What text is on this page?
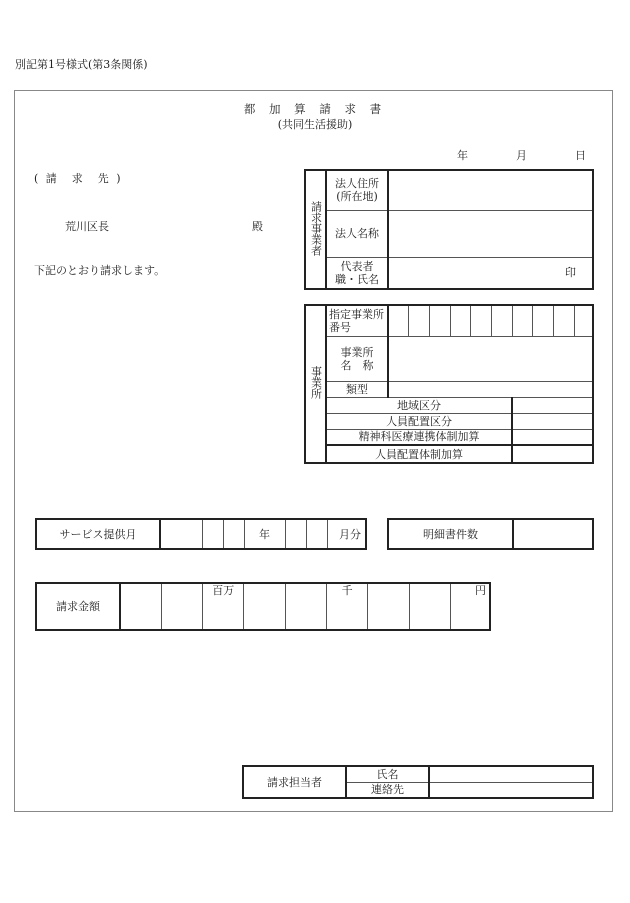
別記第1号様式(第3条関係)
都 加 算 請 求 書
(共同生活援助)
年	月	日
( 請　求　先 )
荒川区長	殿
下記のとおり請求します。
請求事業者	法人住所
(所在地)	

	法人名称	

	代表者
職・氏名	印
事業所	指定事業所
番号										

	事業所
名　称										

	類型										
	地域区分										
	人員配置区分										
	精神科医療連携体制加算										
	人員配置体制加算										
サービス提供月				年			月分	明細書件数	
請求金額			百万			千			円
請求担当者	氏名	
	連絡先	
